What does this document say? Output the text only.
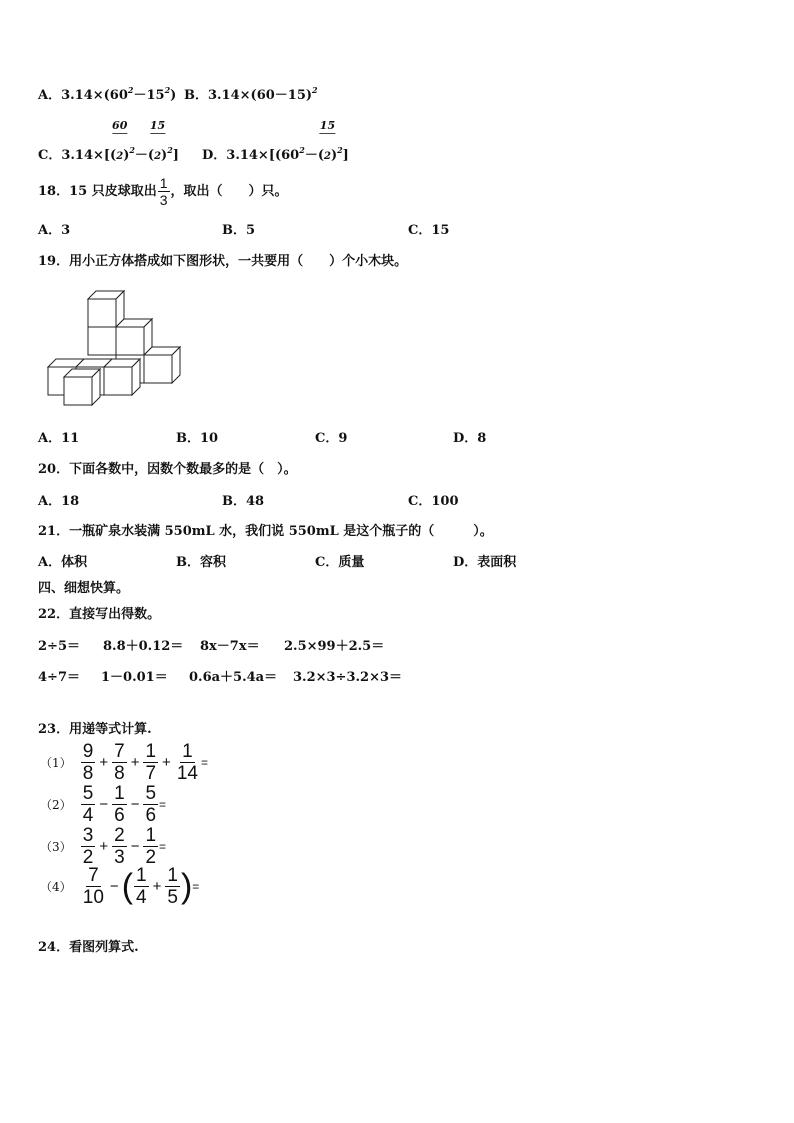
A．$3.14\times(60^2-15^2)$ B．$3.14\times(60-15)^2$
C．$3.14\times[( \frac{60}{2})^2-( \frac{15}{2})^2]$ D．$3.14\times[(60^2-( \frac{15}{2})^2]$
18．15 只皮球取出 $\frac{1}{3}$ ，取出（　　）只。
A．3	B．5	C．15
19．用小正方体搭成如下图形状，一共要用（　　）个小木块。
A．11	B．10	C．9	D．8
20．下面各数中，因数个数最多的是（　）。
A．18	B．48	C．100
21．一瓶矿泉水装满 550mL 水，我们说 550mL 是这个瓶子的（　　　）。
A．体积	B．容积	C．质量	D．表面积
四、细想快算。
22．直接写出得数。
2÷5＝ 8.8＋0.12＝ 8x－7x＝ 2.5×99＋2.5＝
4÷7＝ 1－0.01＝ 0.6a＋5.4a＝ 3.2×3÷3.2×3＝
23．用递等式计算.
$(1) \frac{9}{8} + \frac{7}{8} + \frac{1}{7} + \frac{1}{14}$ =
$(2) \frac{5}{4} - \frac{1}{6} - \frac{5}{6}$ =
$(3) \frac{3}{2} + \frac{2}{3} - \frac{1}{2}$ =
$(4) \frac{7}{10}$ −( $\frac{1}{4} + \frac{1}{5}$ )=
24．看图列算式.
